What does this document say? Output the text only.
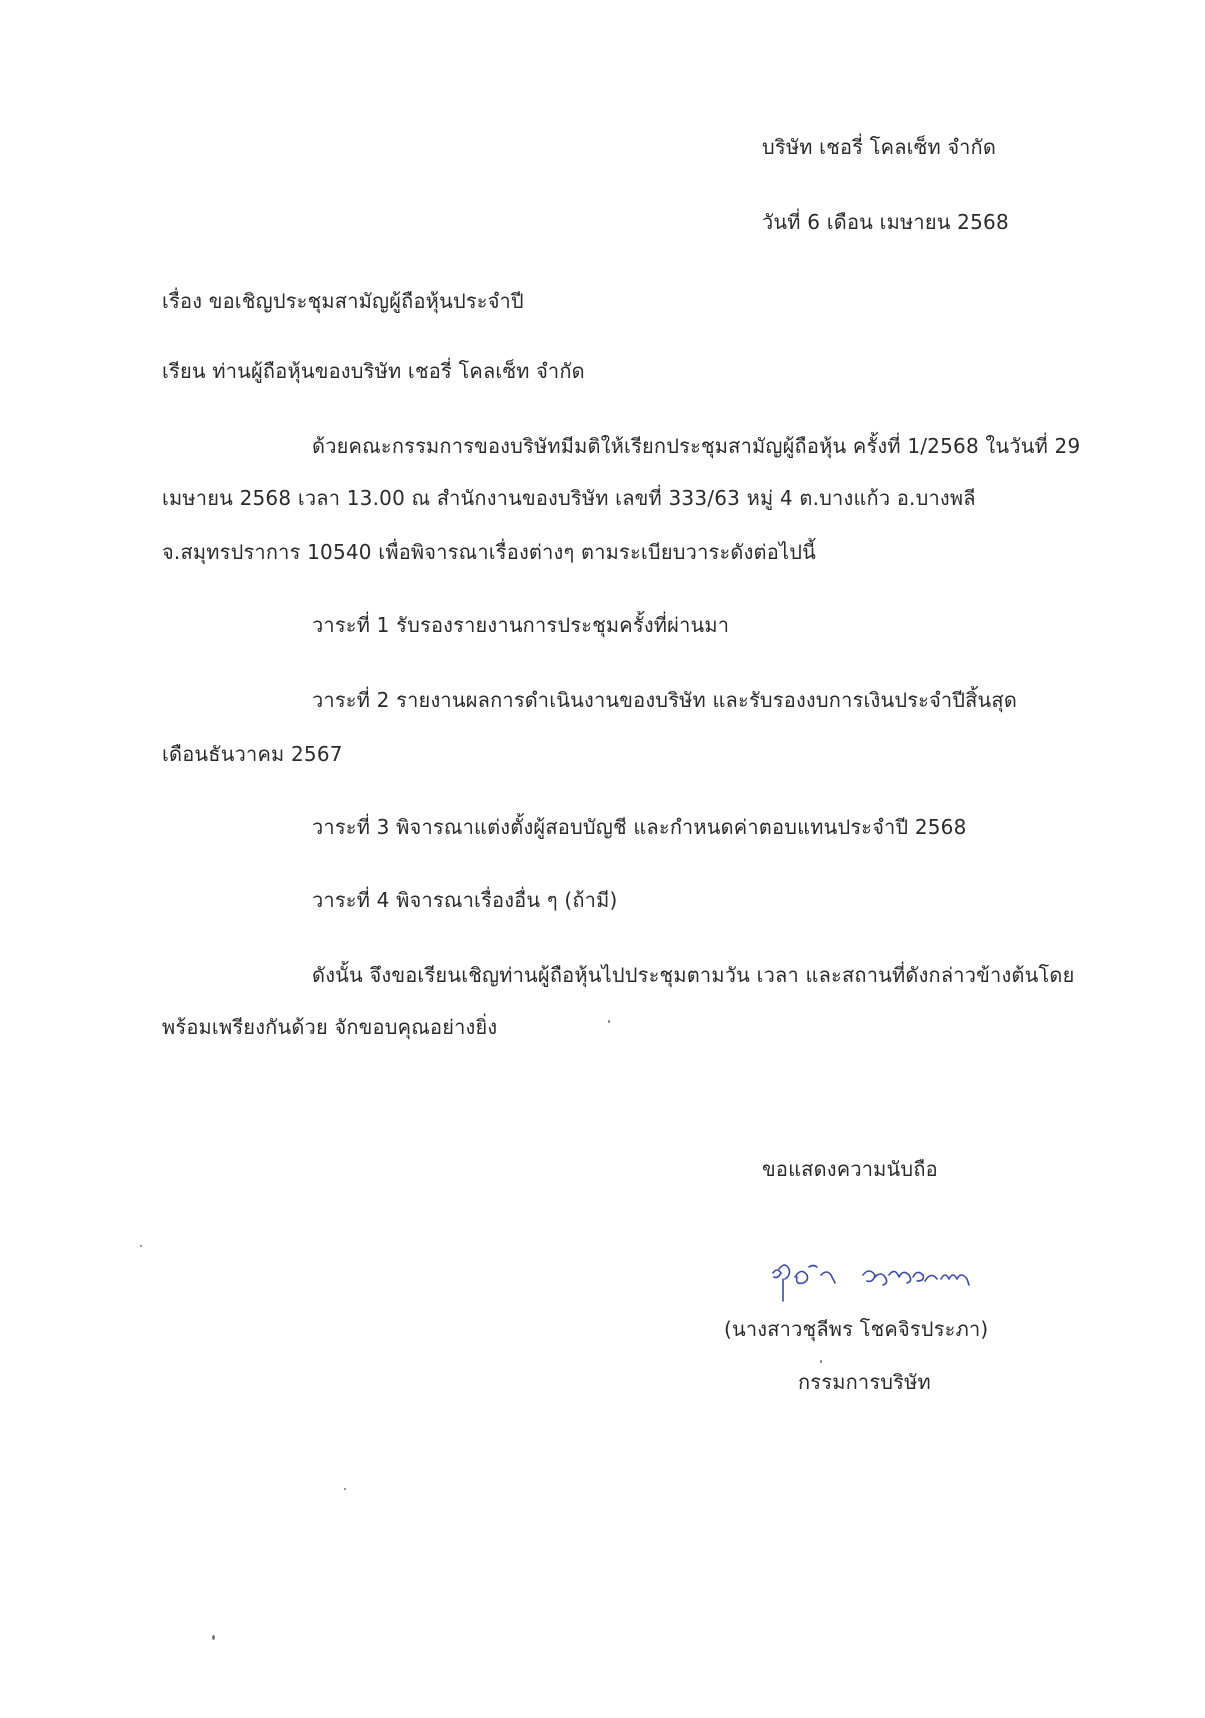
บริษัท เชอรี่ โคลเซ็ท จำกัด
วันที่ 6 เดือน เมษายน 2568
เรื่อง ขอเชิญประชุมสามัญผู้ถือหุ้นประจำปี
เรียน ท่านผู้ถือหุ้นของบริษัท เชอรี่ โคลเซ็ท จำกัด
ด้วยคณะกรรมการของบริษัทมีมติให้เรียกประชุมสามัญผู้ถือหุ้น ครั้งที่ 1/2568 ในวันที่ 29
เมษายน 2568 เวลา 13.00 ณ สำนักงานของบริษัท เลขที่ 333/63 หมู่ 4 ต.บางแก้ว อ.บางพลี
จ.สมุทรปราการ 10540 เพื่อพิจารณาเรื่องต่างๆ ตามระเบียบวาระดังต่อไปนี้
วาระที่ 1 รับรองรายงานการประชุมครั้งที่ผ่านมา
วาระที่ 2 รายงานผลการดำเนินงานของบริษัท และรับรองงบการเงินประจำปีสิ้นสุด
เดือนธันวาคม 2567
วาระที่ 3 พิจารณาแต่งตั้งผู้สอบบัญชี และกำหนดค่าตอบแทนประจำปี 2568
วาระที่ 4 พิจารณาเรื่องอื่น ๆ (ถ้ามี)
ดังนั้น จึงขอเรียนเชิญท่านผู้ถือหุ้นไปประชุมตามวัน เวลา และสถานที่ดังกล่าวข้างต้นโดย
พร้อมเพรียงกันด้วย จักขอบคุณอย่างยิ่ง
ขอแสดงความนับถือ
(นางสาวชุลีพร โชคจิรประภา)
กรรมการบริษัท
